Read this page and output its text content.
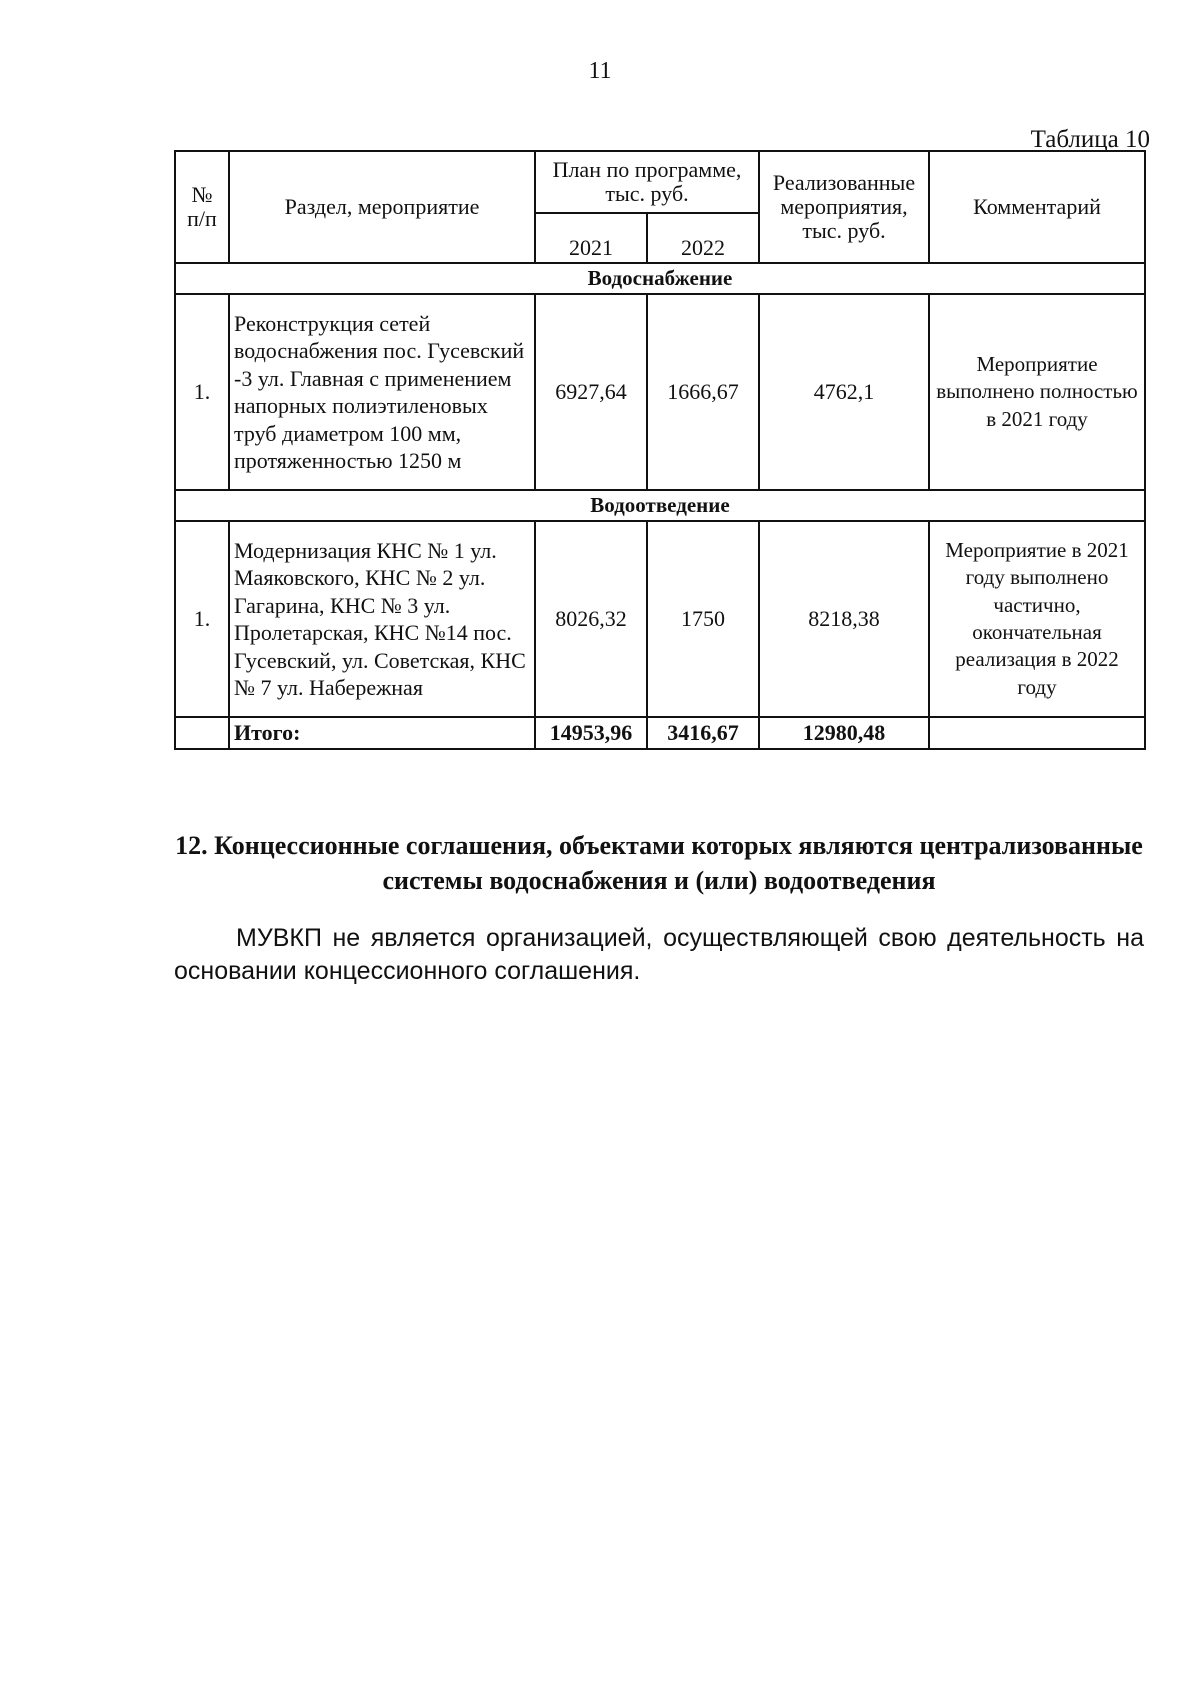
11
Таблица 10
№ п/п	Раздел, мероприятие	План по программе, тыс. руб.		Реализованные мероприятия, тыс. руб.	Комментарий
		2021	2022		
Водоснабжение					
1.	Реконструкция сетей водоснабжения пос. Гусевский -3 ул. Главная с применением напорных полиэтиленовых труб диаметром 100 мм, протяженностью 1250 м	6927,64	1666,67	4762,1	Мероприятие выполнено полностью в 2021 году
Водоотведение					
1.	Модернизация КНС № 1 ул. Маяковского, КНС № 2 ул. Гагарина, КНС № 3 ул. Пролетарская, КНС №14 пос. Гусевский, ул. Советская, КНС № 7 ул. Набережная	8026,32	1750	8218,38	Мероприятие в 2021 году выполнено частично, окончательная реализация в 2022 году
	Итого:	14953,96	3416,67	12980,48	
12. Концессионные соглашения, объектами которых являются централизованные системы водоснабжения и (или) водоотведения
МУВКП не является организацией, осуществляющей свою деятельность на основании концессионного соглашения.
